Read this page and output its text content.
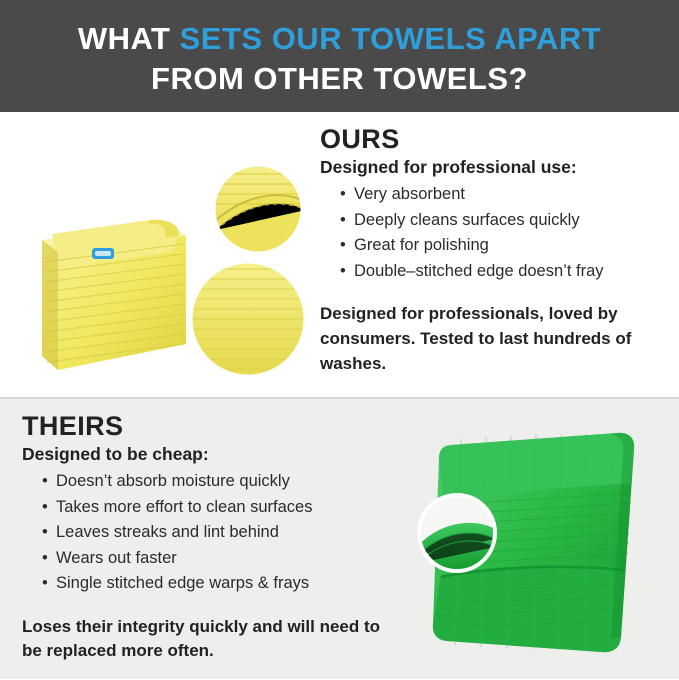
WHAT SETS OUR TOWELS APART
FROM OTHER TOWELS?
OURS
Designed for professional use:
• Very absorbent
• Deeply cleans surfaces quickly
• Great for polishing
• Double–stitched edge doesn’t fray
Designed for professionals, loved by consumers. Tested to last hundreds of washes.
THEIRS
Designed to be cheap:
• Doesn’t absorb moisture quickly
• Takes more effort to clean surfaces
• Leaves streaks and lint behind
• Wears out faster
• Single stitched edge warps & frays
Loses their integrity quickly and will need to be replaced more often.
